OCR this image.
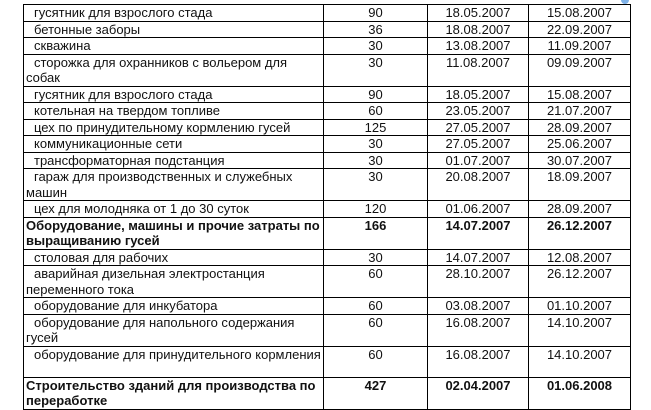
гусятник для взрослого стада	90	18.05.2007	15.08.2007
бетонные заборы	36	18.08.2007	22.09.2007
скважина	30	13.08.2007	11.09.2007
сторожка для охранников с вольером для собак	30	11.08.2007	09.09.2007
гусятник для взрослого стада	90	18.05.2007	15.08.2007
котельная на твердом топливе	60	23.05.2007	21.07.2007
цех по принудительному кормлению гусей	125	27.05.2007	28.09.2007
коммуникационные сети	30	27.05.2007	25.06.2007
трансформаторная подстанция	30	01.07.2007	30.07.2007
гараж для производственных и служебных машин	30	20.08.2007	18.09.2007
цех для молодняка от 1 до 30 суток	120	01.06.2007	28.09.2007
Оборудование, машины и прочие затраты по выращиванию гусей	166	14.07.2007	26.12.2007
столовая для рабочих	30	14.07.2007	12.08.2007
аварийная дизельная электростанция переменного тока	60	28.10.2007	26.12.2007
оборудование для инкубатора	60	03.08.2007	01.10.2007
оборудование для напольного содержания гусей	60	16.08.2007	14.10.2007
оборудование для принудительного кормления	60	16.08.2007	14.10.2007
Строительство зданий для производства по переработке	427	02.04.2007	01.06.2008
